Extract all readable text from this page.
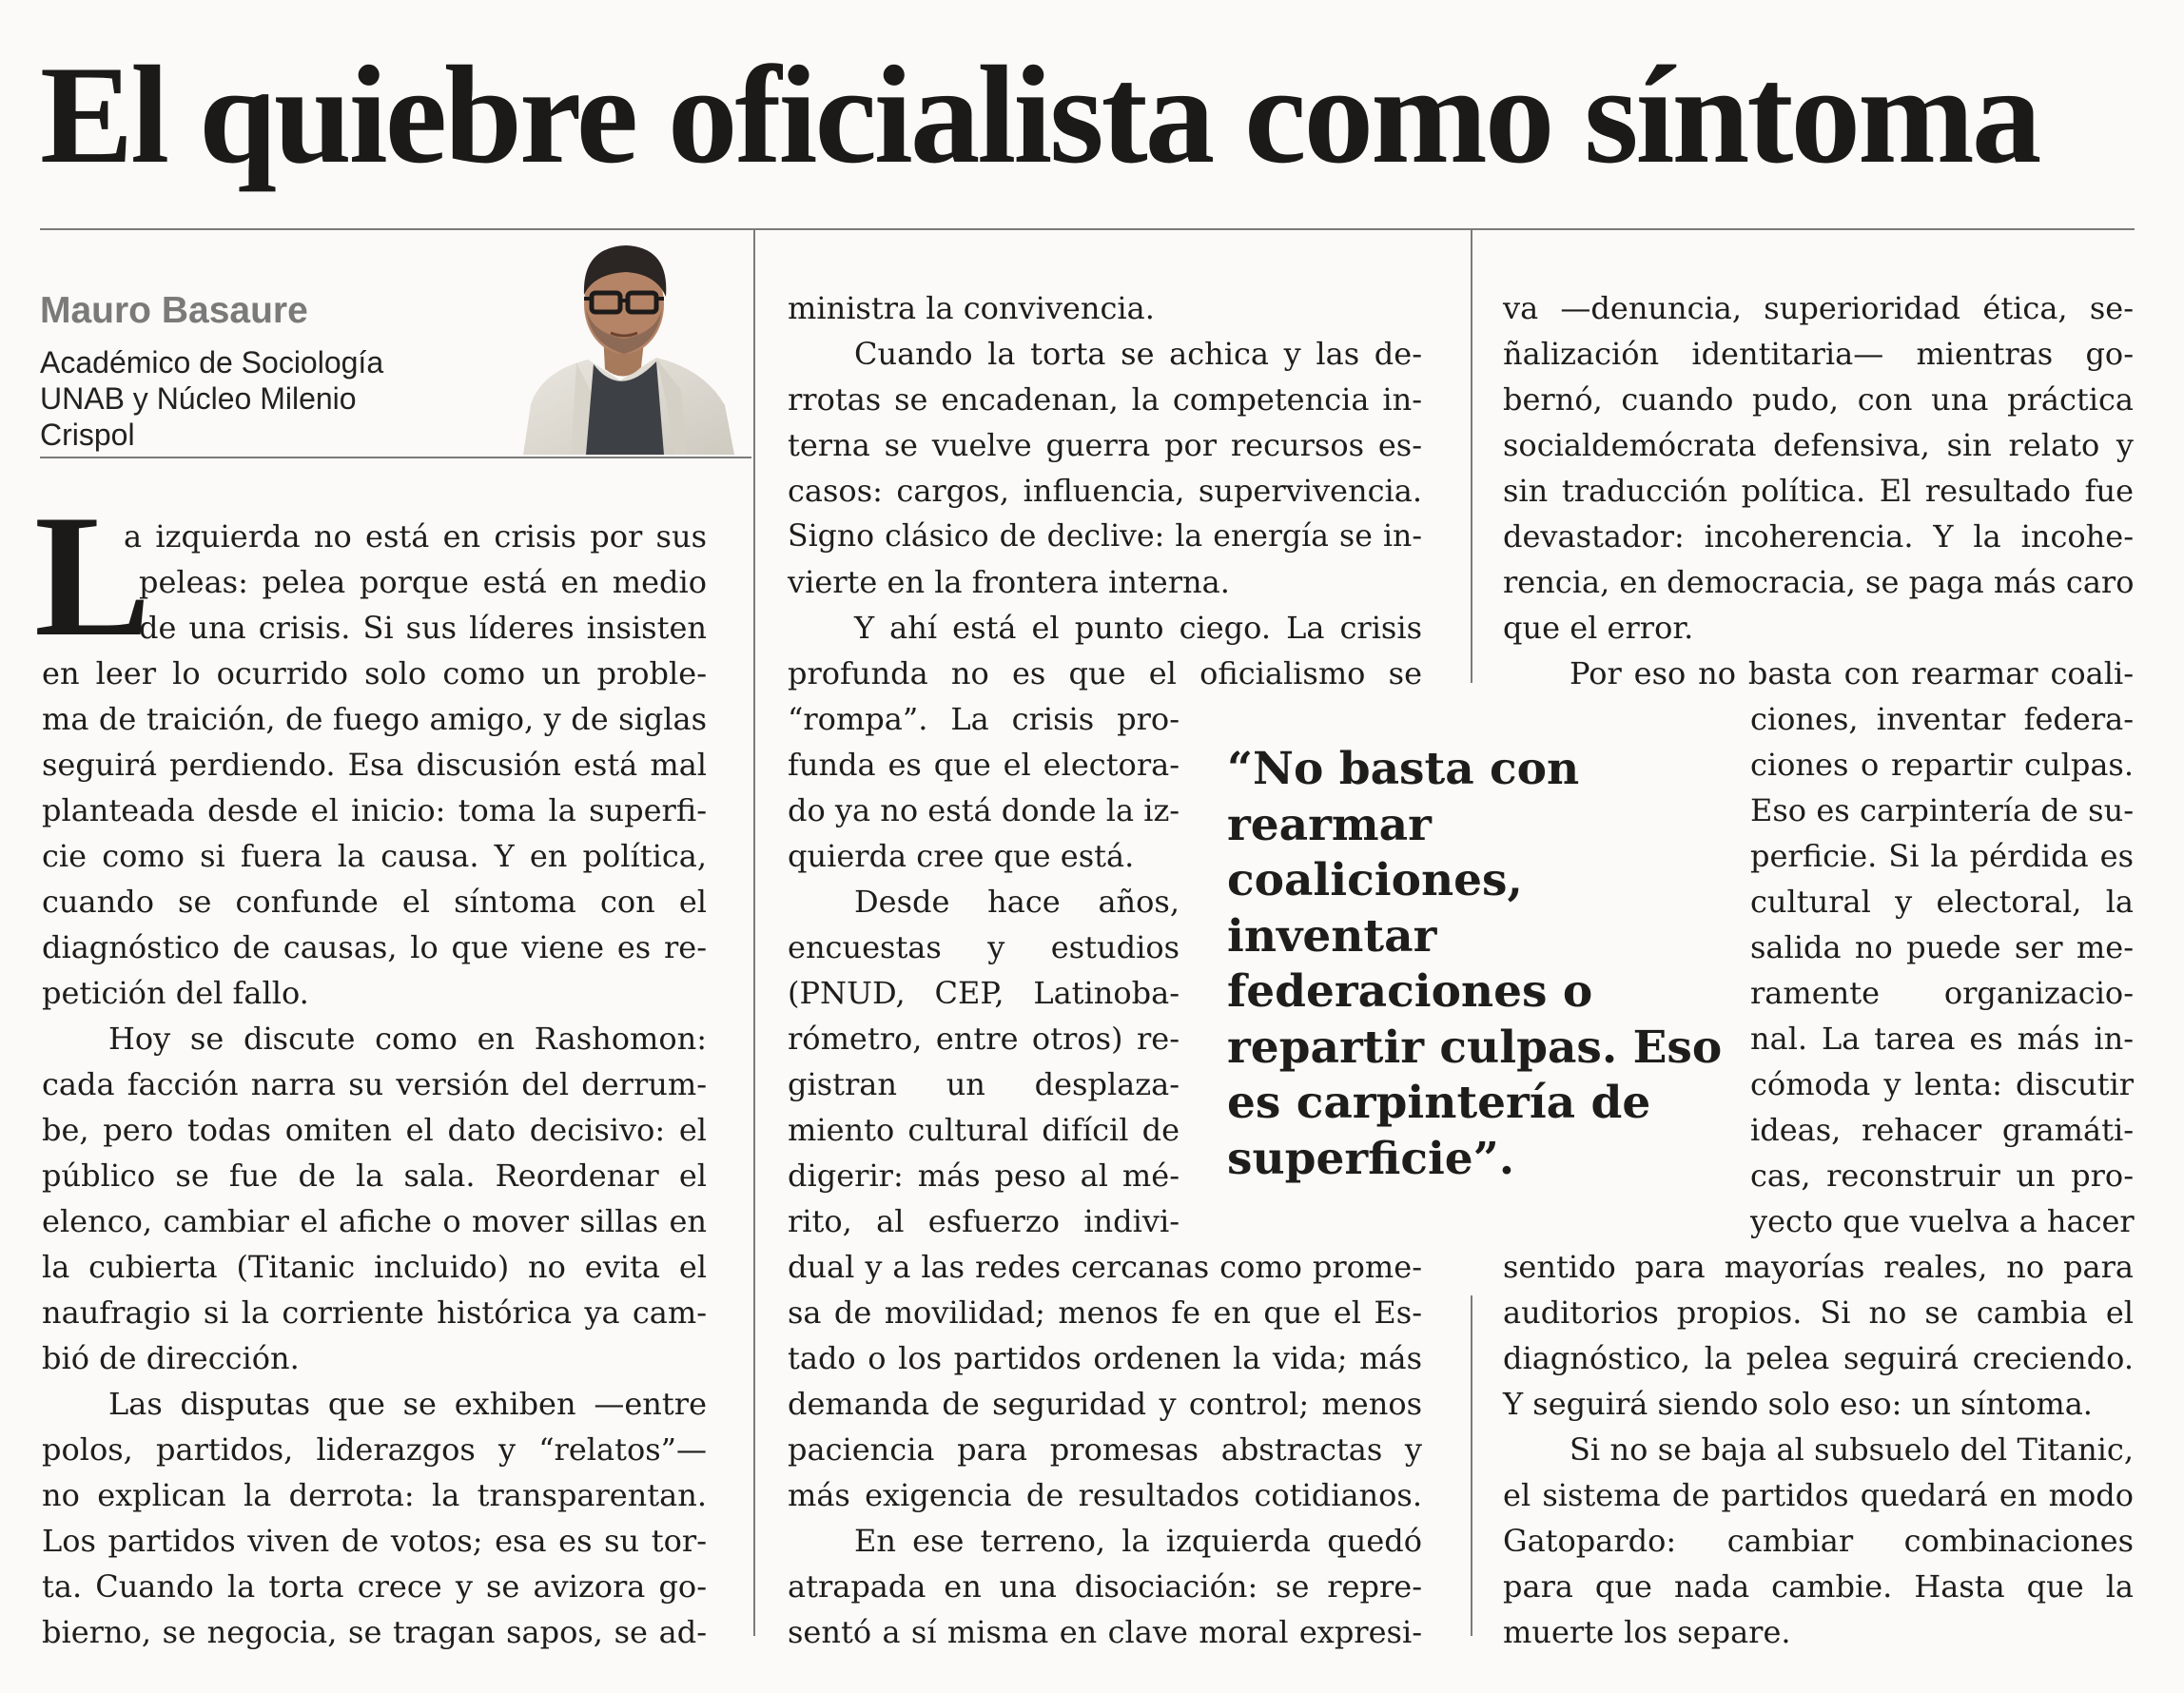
El quiebre oficialista como síntoma
Mauro Basaure
Académico de Sociología
UNAB y Núcleo Milenio
Crispol
L

a izquierda no está en crisis por sus

peleas: pelea porque está en medio

de una crisis. Si sus líderes insisten

en leer lo ocurrido solo como un proble-

ma de traición, de fuego amigo, y de siglas

seguirá perdiendo. Esa discusión está mal

planteada desde el inicio: toma la superfi-

cie como si fuera la causa. Y en política,

cuando se confunde el síntoma con el

diagnóstico de causas, lo que viene es re-

petición del fallo.

Hoy se discute como en Rashomon:

cada facción narra su versión del derrum-

be, pero todas omiten el dato decisivo: el

público se fue de la sala. Reordenar el

elenco, cambiar el afiche o mover sillas en

la cubierta (Titanic incluido) no evita el

naufragio si la corriente histórica ya cam-

bió de dirección.

Las disputas que se exhiben —entre

polos, partidos, liderazgos y “relatos”—

no explican la derrota: la transparentan.

Los partidos viven de votos; esa es su tor-

ta. Cuando la torta crece y se avizora go-

bierno, se negocia, se tragan sapos, se ad-

ministra la convivencia.

Cuando la torta se achica y las de-

rrotas se encadenan, la competencia in-

terna se vuelve guerra por recursos es-

casos: cargos, influencia, supervivencia.

Signo clásico de declive: la energía se in-

vierte en la frontera interna.

Y ahí está el punto ciego. La crisis

profunda no es que el oficialismo se

“rompa”. La crisis pro-

funda es que el electora-

do ya no está donde la iz-

quierda cree que está.

Desde hace años,

encuestas y estudios

(PNUD, CEP, Latinoba-

rómetro, entre otros) re-

gistran un desplaza-

miento cultural difícil de

digerir: más peso al mé-

rito, al esfuerzo indivi-

dual y a las redes cercanas como prome-

sa de movilidad; menos fe en que el Es-

tado o los partidos ordenen la vida; más

demanda de seguridad y control; menos

paciencia para promesas abstractas y

más exigencia de resultados cotidianos.

En ese terreno, la izquierda quedó

atrapada en una disociación: se repre-

sentó a sí misma en clave moral expresi-

va —denuncia, superioridad ética, se-

ñalización identitaria— mientras go-

bernó, cuando pudo, con una práctica

socialdemócrata defensiva, sin relato y

sin traducción política. El resultado fue

devastador: incoherencia. Y la incohe-

rencia, en democracia, se paga más caro

que el error.

Por eso no basta con rearmar coali-

ciones, inventar federa-

ciones o repartir culpas.

Eso es carpintería de su-

perficie. Si la pérdida es

cultural y electoral, la

salida no puede ser me-

ramente organizacio-

nal. La tarea es más in-

cómoda y lenta: discutir

ideas, rehacer gramáti-

cas, reconstruir un pro-

yecto que vuelva a hacer

sentido para mayorías reales, no para

auditorios propios. Si no se cambia el

diagnóstico, la pelea seguirá creciendo.

Y seguirá siendo solo eso: un síntoma.

Si no se baja al subsuelo del Titanic,

el sistema de partidos quedará en modo

Gatopardo: cambiar combinaciones

para que nada cambie. Hasta que la

muerte los separe.

“No basta con
rearmar
coaliciones,
inventar
federaciones o
repartir culpas. Eso
es carpintería de
superficie”.
